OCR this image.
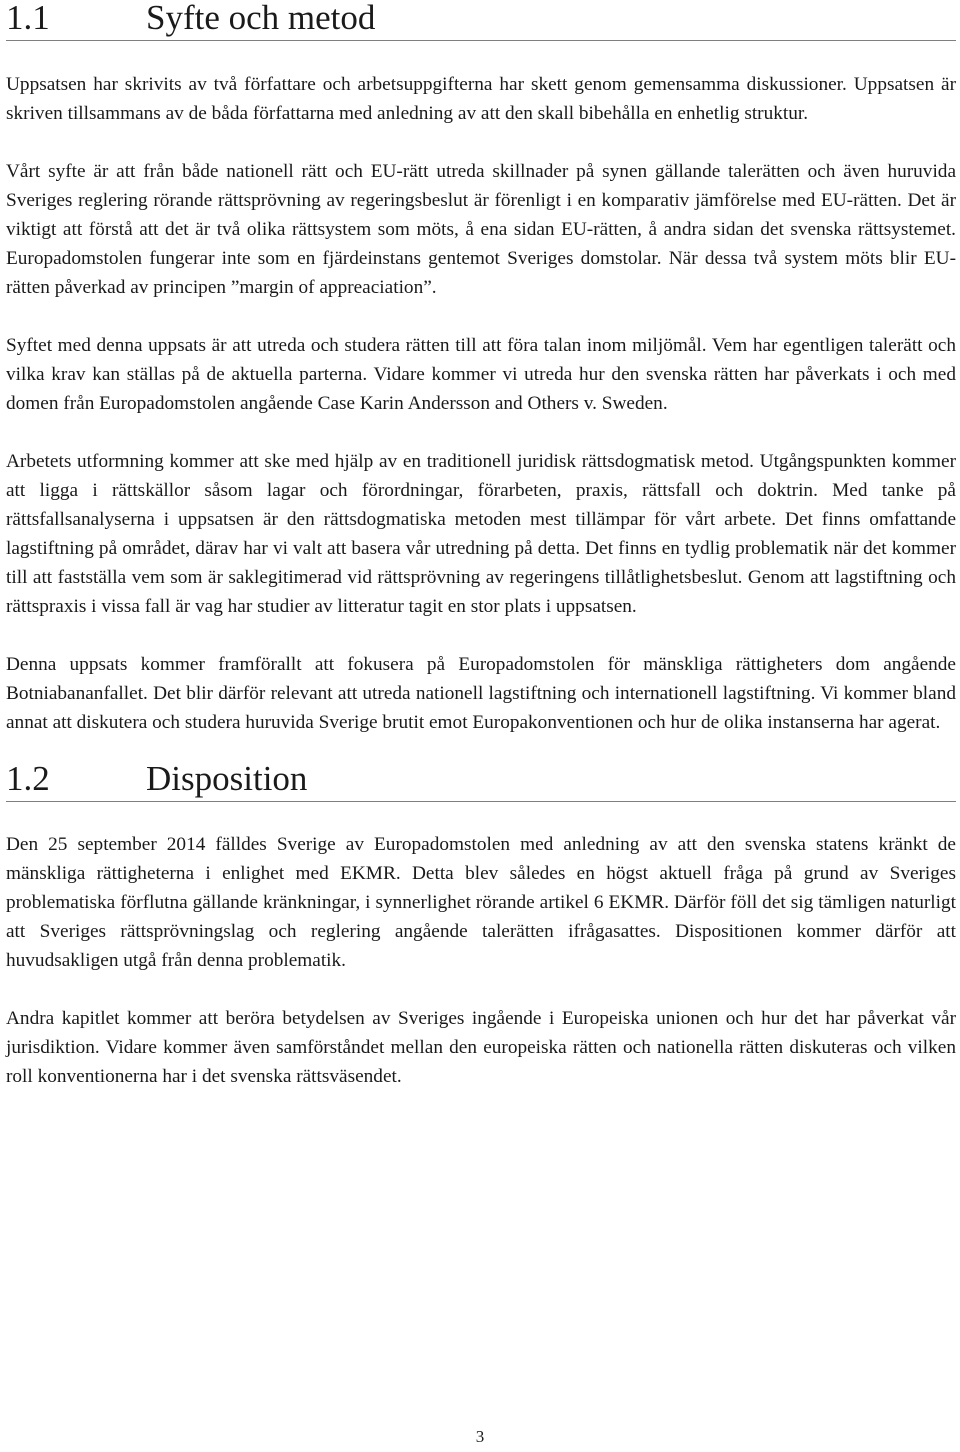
1.1	Syfte och metod

Uppsatsen har skrivits av två författare och arbetsuppgifterna har skett genom gemensamma diskussioner. Uppsatsen är skriven tillsammans av de båda författarna med anledning av att den skall bibehålla en enhetlig struktur.

Vårt syfte är att från både nationell rätt och EU-rätt utreda skillnader på synen gällande talerätten och även huruvida Sveriges reglering rörande rättsprövning av regeringsbeslut är förenligt i en komparativ jämförelse med EU-rätten. Det är viktigt att förstå att det är två olika rättsystem som möts, å ena sidan EU-rätten, å andra sidan det svenska rättsystemet. Europadomstolen fungerar inte som en fjärdeinstans gentemot Sveriges domstolar. När dessa två system möts blir EU-rätten påverkad av principen ”margin of appreaciation”.

Syftet med denna uppsats är att utreda och studera rätten till att föra talan inom miljömål. Vem har egentligen talerätt och vilka krav kan ställas på de aktuella parterna. Vidare kommer vi utreda hur den svenska rätten har påverkats i och med domen från Europadomstolen angående Case Karin Andersson and Others v. Sweden.

Arbetets utformning kommer att ske med hjälp av en traditionell juridisk rättsdogmatisk metod. Utgångspunkten kommer att ligga i rättskällor såsom lagar och förordningar, förarbeten, praxis, rättsfall och doktrin. Med tanke på rättsfallsanalyserna i uppsatsen är den rättsdogmatiska metoden mest tillämpar för vårt arbete. Det finns omfattande lagstiftning på området, därav har vi valt att basera vår utredning på detta. Det finns en tydlig problematik när det kommer till att fastställa vem som är saklegitimerad vid rättsprövning av regeringens tillåtlighetsbeslut. Genom att lagstiftning och rättspraxis i vissa fall är vag har studier av litteratur tagit en stor plats i uppsatsen.

Denna uppsats kommer framförallt att fokusera på Europadomstolen för mänskliga rättigheters dom angående Botniabananfallet. Det blir därför relevant att utreda nationell lagstiftning och internationell lagstiftning. Vi kommer bland annat att diskutera och studera huruvida Sverige brutit emot Europakonventionen och hur de olika instanserna har agerat.

1.2	Disposition

Den 25 september 2014 fälldes Sverige av Europadomstolen med anledning av att den svenska statens kränkt de mänskliga rättigheterna i enlighet med EKMR. Detta blev således en högst aktuell fråga på grund av Sveriges problematiska förflutna gällande kränkningar, i synnerlighet rörande artikel 6 EKMR. Därför föll det sig tämligen naturligt att Sveriges rättsprövningslag och reglering angående talerätten ifrågasattes. Dispositionen kommer därför att huvudsakligen utgå från denna problematik.

Andra kapitlet kommer att beröra betydelsen av Sveriges ingående i Europeiska unionen och hur det har påverkat vår jurisdiktion. Vidare kommer även samförståndet mellan den europeiska rätten och nationella rätten diskuteras och vilken roll konventionerna har i det svenska rättsväsendet.

3
